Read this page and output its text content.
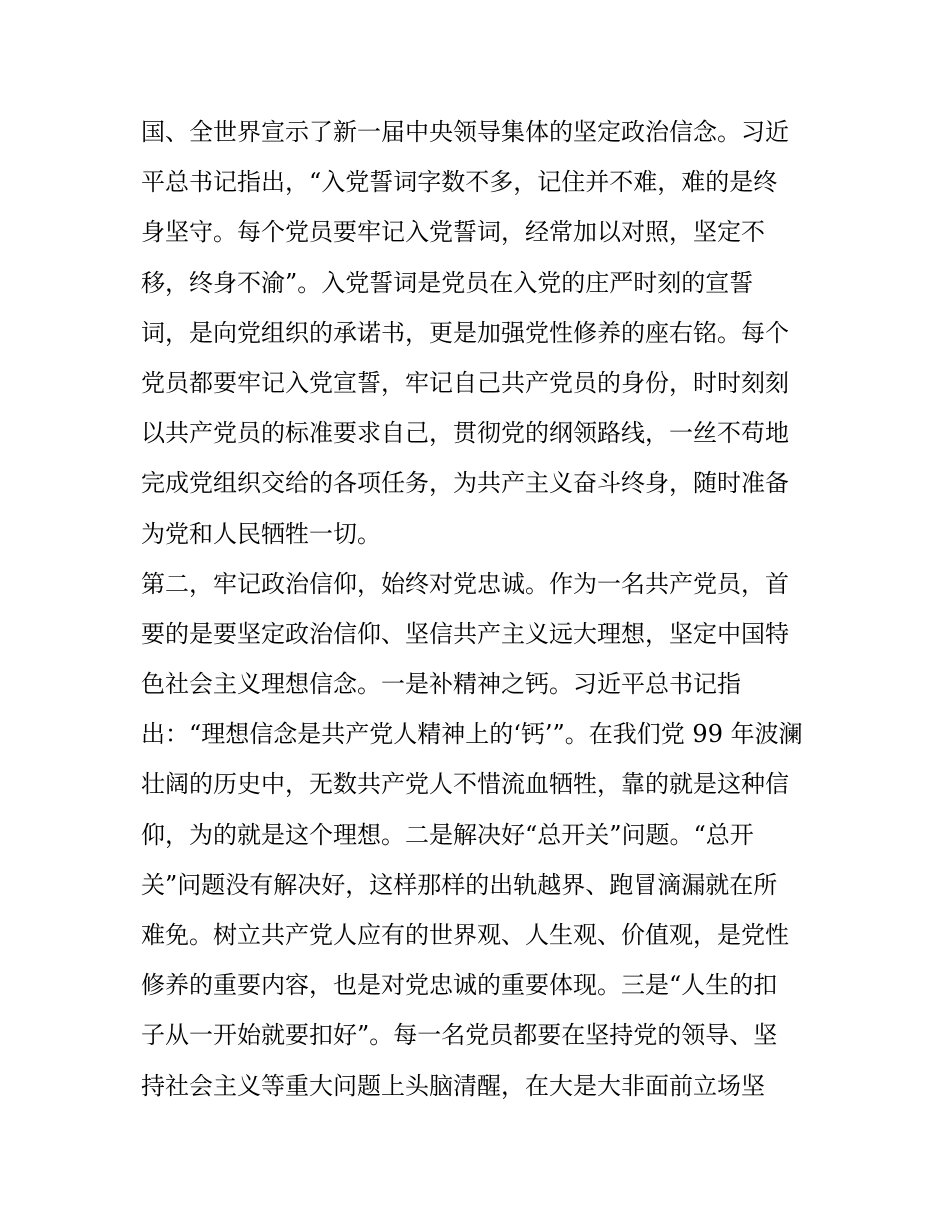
国、全世界宣示了新一届中央领导集体的坚定政治信念。习近
平总书记指出，“入党誓词字数不多，记住并不难，难的是终
身坚守。每个党员要牢记入党誓词，经常加以对照，坚定不
移，终身不渝”。入党誓词是党员在入党的庄严时刻的宣誓
词，是向党组织的承诺书，更是加强党性修养的座右铭。每个
党员都要牢记入党宣誓，牢记自己共产党员的身份，时时刻刻
以共产党员的标准要求自己，贯彻党的纲领路线，一丝不苟地
完成党组织交给的各项任务，为共产主义奋斗终身，随时准备
为党和人民牺牲一切。
第二，牢记政治信仰，始终对党忠诚。作为一名共产党员，首
要的是要坚定政治信仰、坚信共产主义远大理想，坚定中国特
色社会主义理想信念。一是补精神之钙。习近平总书记指
出：“理想信念是共产党人精神上的‘钙’”。在我们党 99 年波澜
壮阔的历史中，无数共产党人不惜流血牺牲，靠的就是这种信
仰，为的就是这个理想。二是解决好“总开关”问题。“总开
关”问题没有解决好，这样那样的出轨越界、跑冒滴漏就在所
难免。树立共产党人应有的世界观、人生观、价值观，是党性
修养的重要内容，也是对党忠诚的重要体现。三是“人生的扣
子从一开始就要扣好”。每一名党员都要在坚持党的领导、坚
持社会主义等重大问题上头脑清醒，在大是大非面前立场坚
